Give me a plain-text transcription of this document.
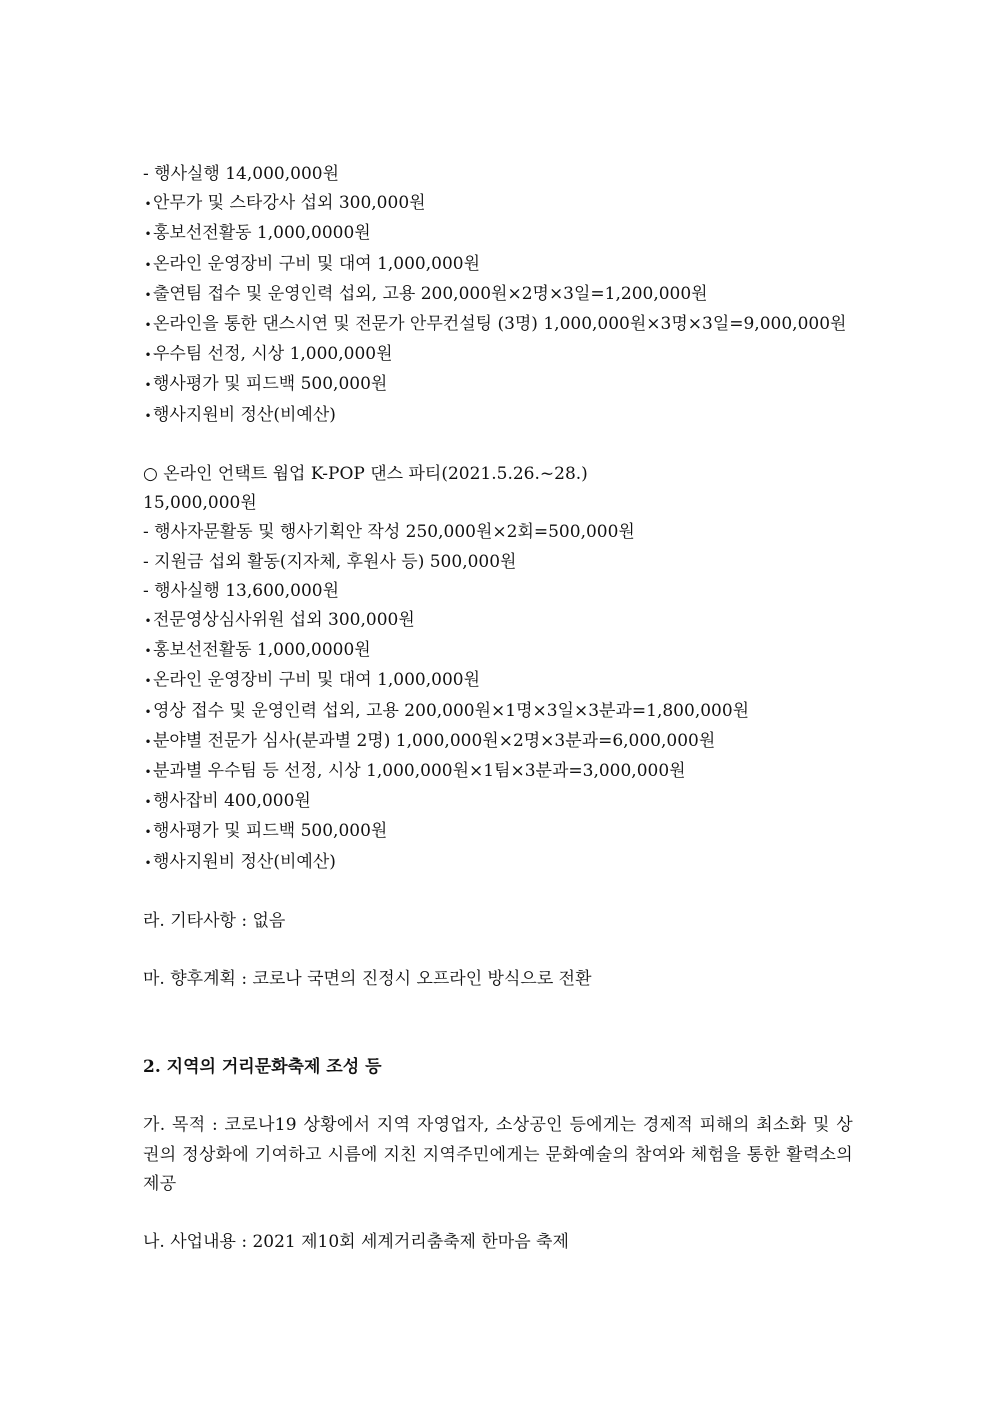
- 행사실행 14,000,000원
•안무가 및 스타강사 섭외 300,000원
•홍보선전활동 1,000,0000원
•온라인 운영장비 구비 및 대여 1,000,000원
•출연팀 접수 및 운영인력 섭외, 고용 200,000원×2명×3일=1,200,000원
•온라인을 통한 댄스시연 및 전문가 안무컨설팅 (3명) 1,000,000원×3명×3일=9,000,000원
•우수팀 선정, 시상 1,000,000원
•행사평가 및 피드백 500,000원
•행사지원비 정산(비예산)
○ 온라인 언택트 웜업 K-POP 댄스 파티(2021.5.26.~28.)
15,000,000원
- 행사자문활동 및 행사기획안 작성 250,000원×2회=500,000원
- 지원금 섭외 활동(지자체, 후원사 등) 500,000원
- 행사실행 13,600,000원
•전문영상심사위원 섭외 300,000원
•홍보선전활동 1,000,0000원
•온라인 운영장비 구비 및 대여 1,000,000원
•영상 접수 및 운영인력 섭외, 고용 200,000원×1명×3일×3분과=1,800,000원
•분야별 전문가 심사(분과별 2명) 1,000,000원×2명×3분과=6,000,000원
•분과별 우수팀 등 선정, 시상 1,000,000원×1팀×3분과=3,000,000원
•행사잡비 400,000원
•행사평가 및 피드백 500,000원
•행사지원비 정산(비예산)
라. 기타사항 : 없음
마. 향후계획 : 코로나 국면의 진정시 오프라인 방식으로 전환
2. 지역의 거리문화축제 조성 등
가. 목적 : 코로나19 상황에서 지역 자영업자, 소상공인 등에게는 경제적 피해의 최소화 및 상권의 정상화에 기여하고 시름에 지친 지역주민에게는 문화예술의 참여와 체험을 통한 활력소의 제공
나. 사업내용 : 2021 제10회 세계거리춤축제 한마음 축제
